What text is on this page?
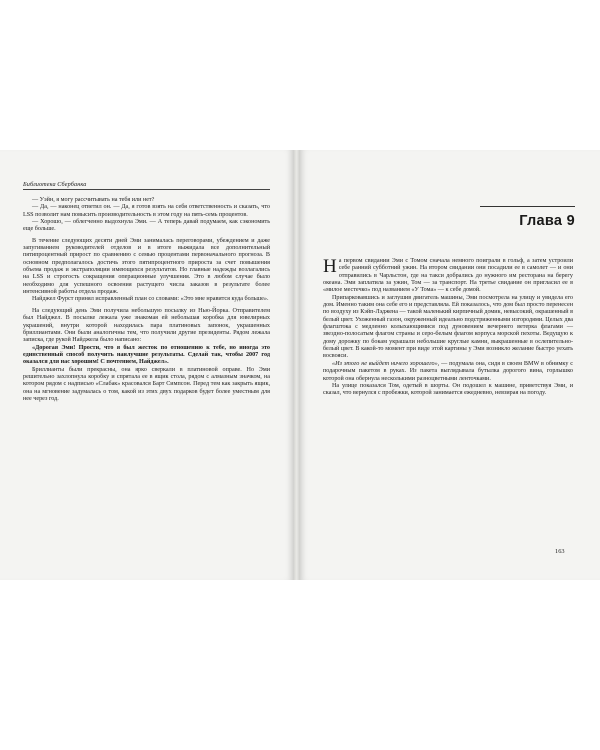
Библиотека Сбербанка

— Уэйн, я могу рассчитывать на тебя или нет?

— Да, — наконец ответил он. — Да, я готов взять на себя ответственность и сказать, что LSS позволит нам повысить производительность в этом году на пять-семь процентов.

— Хорошо, — облегченно выдохнула Эми. — А теперь давай подумаем, как сэкономить еще больше.

В течение следующих десяти дней Эми занималась переговорами, убеждением и даже запугиванием руководителей отделов и в итоге выжидала все дополнительный пятипроцентный прирост по сравнению с семью процентами первоначального прогноза. В основном предполагалось достичь этого пятипроцентного прироста за счет повышения объема продаж и экстраполяции имеющихся результатов. Но главные надежды возлагались на LSS и строгость сокращения операционные улучшения. Это в любом случае было необходимо для успешного освоения растущего числа заказов в результате более интенсивной работы отдела продаж.

Найджел Фурст принял исправленный план со словами: «Это мне нравится куда больше».

На следующий день Эми получила небольшую посылку из Нью-Йорка. Отправителем был Найджел. В посылке лежала уже знакомая ей небольшая коробка для ювелирных украшений, внутри которой находилась пара платиновых запонок, украшенных бриллиантами. Они были аналогичны тем, что получили другие президенты. Рядом лежала записка, где рукой Найджела было написано:

«Дорогая Эми! Прости, что я был жесток по отношению к тебе, но иногда это единственный способ получить наилучшие результаты. Сделай так, чтобы 2007 год оказался для нас хорошим! С почтением, Найджел».

Бриллианты были прекрасны, она ярко сверкали в платиновой оправе. Но Эми решительно захлопнула коробку и спрятала ее в ящик стола, рядом с алмазным значком, на котором рядом с надписью «Слабак» красовался Барт Симпсон. Перед тем как закрыть ящик, она на мгновение задумалась о том, какой из этих двух подарков будет более уместным для нее через год.

Глава 9

На первом свидании Эми с Томом сначала немного поиграли в гольф, а затем устроили себе ранний субботний ужин. На втором свидании они посадили ее в самолет — и они отправились в Чарльстон, где на такси добрались до нужного им ресторана на берегу океана. Эми заплатила за ужин, Том — за транспорт. На третье свидание он пригласил ее в «милое местечко» под названием «У Тома» — к себе домой.

Припарковавшись и заглушив двигатель машины, Эми посмотрела на улицу и увидела его дом. Именно таким она себе его и представляла. Ей показалось, что дом был просто перенесен по воздуху из Кэйп-Лэджена — такой маленький кирпичный домик, невысокий, окрашенный в белый цвет. Ухоженный газон, окруженный идеально подстриженными изгородями. Целых два флагштока с медленно колыхающимися под дуновением вечернего ветерка флагами — звездно-полосатым флагом страны и серо-белым флагом корпуса морской пехоты. Ведущую к дому дорожку по бокам украшали небольшие круглые камни, выкрашенные в ослепительно-белый цвет. В какой-то момент при виде этой картины у Эми возникло желание быстро уехать восвояси.

«Из этого не выйдет ничего хорошего», — подумала она, сидя в своем BMW в обнимку с подарочным пакетом в руках. Из пакета выглядывала бутылка дорогого вина, горлышко которой она обернула несколькими разноцветными ленточками.

На улице показался Том, одетый в шорты. Он подошел к машине, приветствуя Эми, и сказал, что вернулся с пробежки, которой занимается ежедневно, невзирая на погоду.

163
